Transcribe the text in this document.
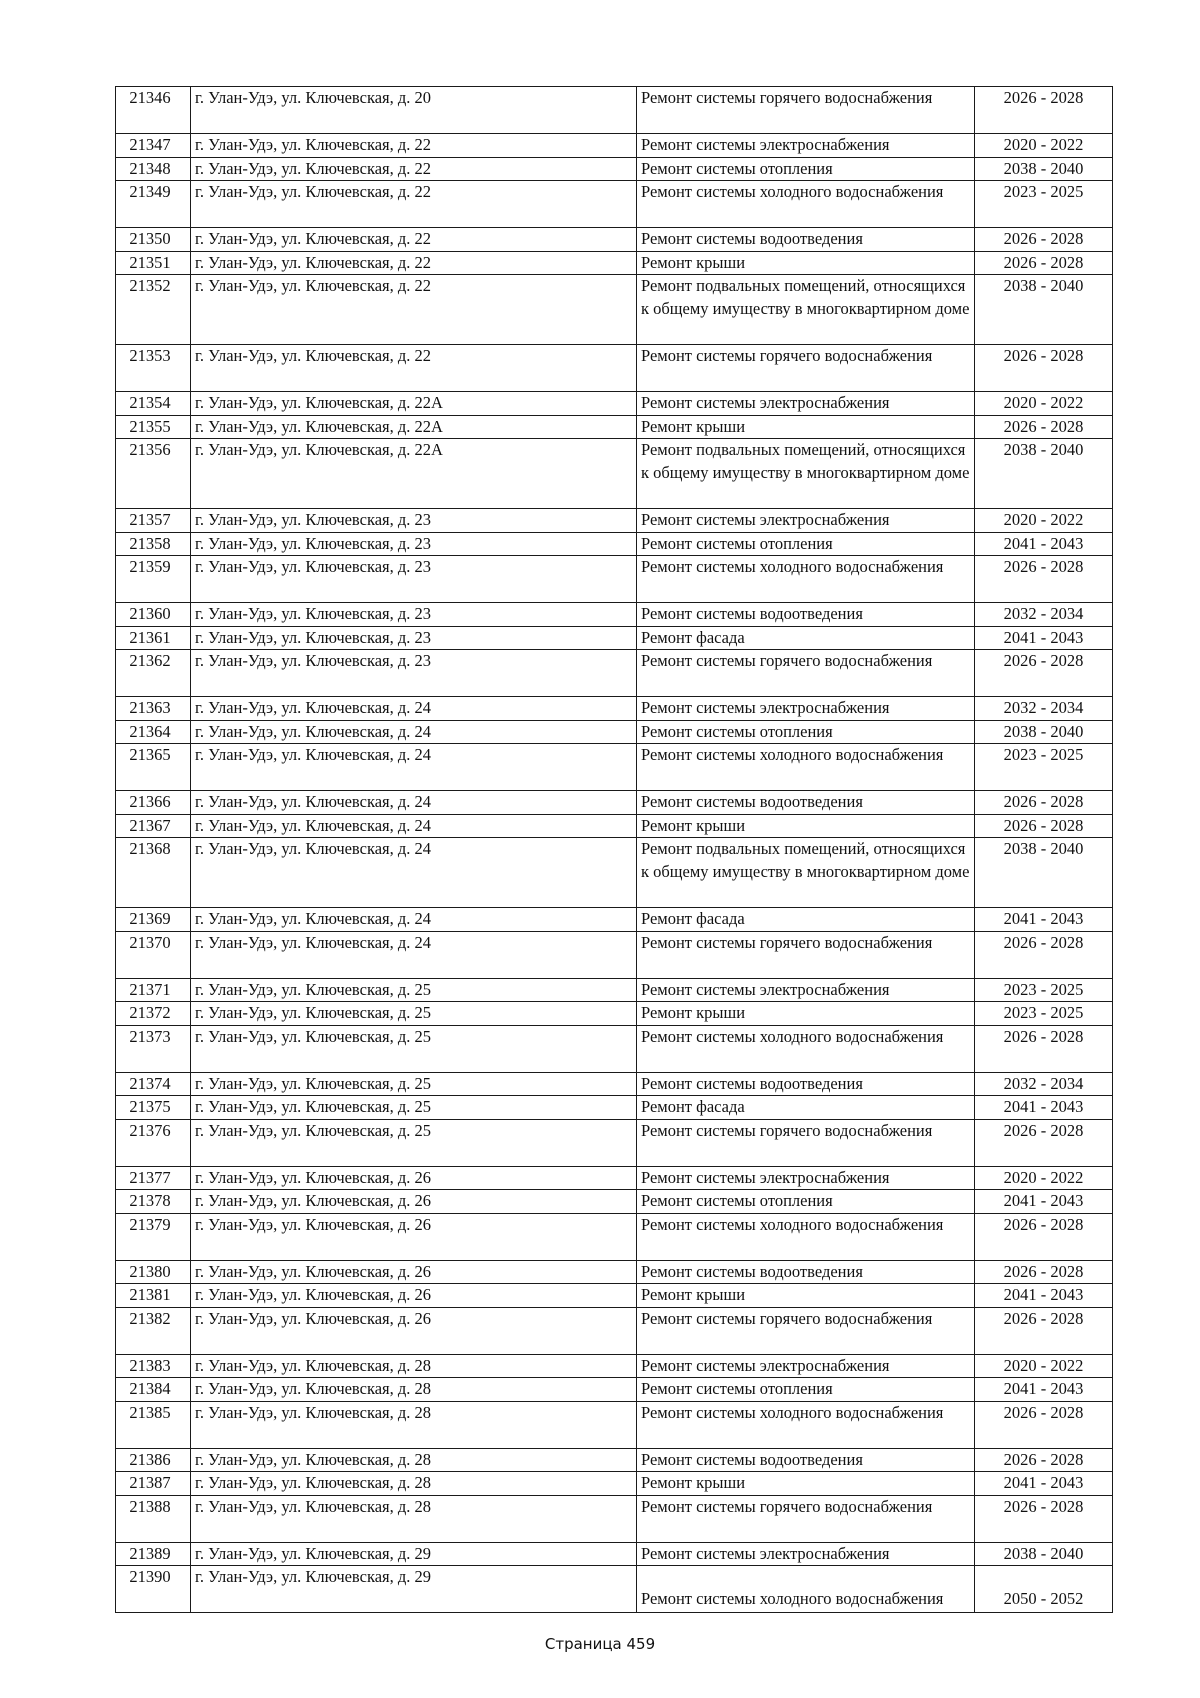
21346	г. Улан-Удэ, ул. Ключевская, д. 20	Ремонт системы горячего водоснабжения	2026 - 2028
21347	г. Улан-Удэ, ул. Ключевская, д. 22	Ремонт системы электроснабжения	2020 - 2022
21348	г. Улан-Удэ, ул. Ключевская, д. 22	Ремонт системы отопления	2038 - 2040
21349	г. Улан-Удэ, ул. Ключевская, д. 22	Ремонт системы холодного водоснабжения	2023 - 2025
21350	г. Улан-Удэ, ул. Ключевская, д. 22	Ремонт системы водоотведения	2026 - 2028
21351	г. Улан-Удэ, ул. Ключевская, д. 22	Ремонт крыши	2026 - 2028
21352	г. Улан-Удэ, ул. Ключевская, д. 22	Ремонт подвальных помещений, относящихся к общему имуществу в многоквартирном доме	2038 - 2040
21353	г. Улан-Удэ, ул. Ключевская, д. 22	Ремонт системы горячего водоснабжения	2026 - 2028
21354	г. Улан-Удэ, ул. Ключевская, д. 22А	Ремонт системы электроснабжения	2020 - 2022
21355	г. Улан-Удэ, ул. Ключевская, д. 22А	Ремонт крыши	2026 - 2028
21356	г. Улан-Удэ, ул. Ключевская, д. 22А	Ремонт подвальных помещений, относящихся к общему имуществу в многоквартирном доме	2038 - 2040
21357	г. Улан-Удэ, ул. Ключевская, д. 23	Ремонт системы электроснабжения	2020 - 2022
21358	г. Улан-Удэ, ул. Ключевская, д. 23	Ремонт системы отопления	2041 - 2043
21359	г. Улан-Удэ, ул. Ключевская, д. 23	Ремонт системы холодного водоснабжения	2026 - 2028
21360	г. Улан-Удэ, ул. Ключевская, д. 23	Ремонт системы водоотведения	2032 - 2034
21361	г. Улан-Удэ, ул. Ключевская, д. 23	Ремонт фасада	2041 - 2043
21362	г. Улан-Удэ, ул. Ключевская, д. 23	Ремонт системы горячего водоснабжения	2026 - 2028
21363	г. Улан-Удэ, ул. Ключевская, д. 24	Ремонт системы электроснабжения	2032 - 2034
21364	г. Улан-Удэ, ул. Ключевская, д. 24	Ремонт системы отопления	2038 - 2040
21365	г. Улан-Удэ, ул. Ключевская, д. 24	Ремонт системы холодного водоснабжения	2023 - 2025
21366	г. Улан-Удэ, ул. Ключевская, д. 24	Ремонт системы водоотведения	2026 - 2028
21367	г. Улан-Удэ, ул. Ключевская, д. 24	Ремонт крыши	2026 - 2028
21368	г. Улан-Удэ, ул. Ключевская, д. 24	Ремонт подвальных помещений, относящихся к общему имуществу в многоквартирном доме	2038 - 2040
21369	г. Улан-Удэ, ул. Ключевская, д. 24	Ремонт фасада	2041 - 2043
21370	г. Улан-Удэ, ул. Ключевская, д. 24	Ремонт системы горячего водоснабжения	2026 - 2028
21371	г. Улан-Удэ, ул. Ключевская, д. 25	Ремонт системы электроснабжения	2023 - 2025
21372	г. Улан-Удэ, ул. Ключевская, д. 25	Ремонт крыши	2023 - 2025
21373	г. Улан-Удэ, ул. Ключевская, д. 25	Ремонт системы холодного водоснабжения	2026 - 2028
21374	г. Улан-Удэ, ул. Ключевская, д. 25	Ремонт системы водоотведения	2032 - 2034
21375	г. Улан-Удэ, ул. Ключевская, д. 25	Ремонт фасада	2041 - 2043
21376	г. Улан-Удэ, ул. Ключевская, д. 25	Ремонт системы горячего водоснабжения	2026 - 2028
21377	г. Улан-Удэ, ул. Ключевская, д. 26	Ремонт системы электроснабжения	2020 - 2022
21378	г. Улан-Удэ, ул. Ключевская, д. 26	Ремонт системы отопления	2041 - 2043
21379	г. Улан-Удэ, ул. Ключевская, д. 26	Ремонт системы холодного водоснабжения	2026 - 2028
21380	г. Улан-Удэ, ул. Ключевская, д. 26	Ремонт системы водоотведения	2026 - 2028
21381	г. Улан-Удэ, ул. Ключевская, д. 26	Ремонт крыши	2041 - 2043
21382	г. Улан-Удэ, ул. Ключевская, д. 26	Ремонт системы горячего водоснабжения	2026 - 2028
21383	г. Улан-Удэ, ул. Ключевская, д. 28	Ремонт системы электроснабжения	2020 - 2022
21384	г. Улан-Удэ, ул. Ключевская, д. 28	Ремонт системы отопления	2041 - 2043
21385	г. Улан-Удэ, ул. Ключевская, д. 28	Ремонт системы холодного водоснабжения	2026 - 2028
21386	г. Улан-Удэ, ул. Ключевская, д. 28	Ремонт системы водоотведения	2026 - 2028
21387	г. Улан-Удэ, ул. Ключевская, д. 28	Ремонт крыши	2041 - 2043
21388	г. Улан-Удэ, ул. Ключевская, д. 28	Ремонт системы горячего водоснабжения	2026 - 2028
21389	г. Улан-Удэ, ул. Ключевская, д. 29	Ремонт системы электроснабжения	2038 - 2040
21390	г. Улан-Удэ, ул. Ключевская, д. 29	Ремонт системы холодного водоснабжения	2050 - 2052
Страница 459
